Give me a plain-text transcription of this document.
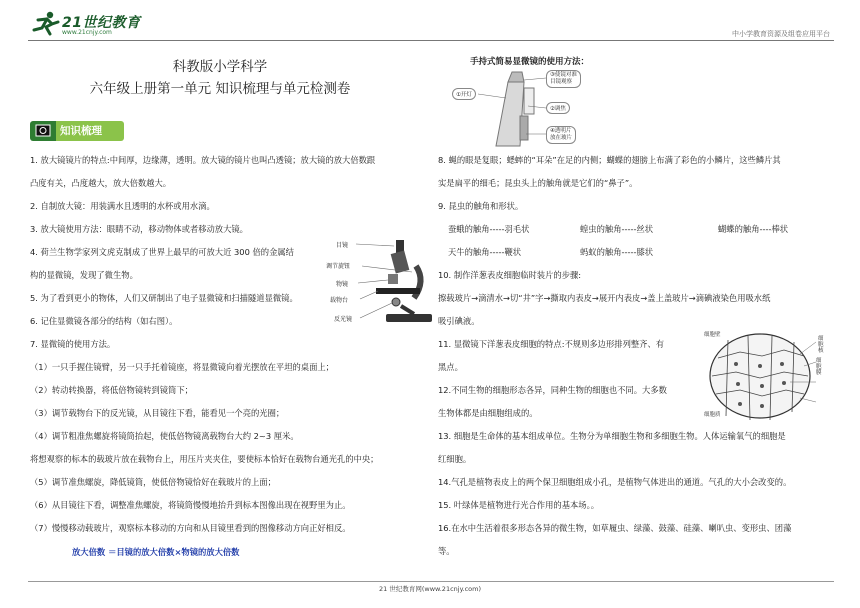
21世纪教育
www.21cnjy.com	中小学教育资源及组卷应用平台
科教版小学科学
六年级上册第一单元 知识梳理与单元检测卷
知识梳理
1. 放大镜镜片的特点:中间厚，边缘薄，透明。放大镜的镜片也叫凸透镜；放大镜的放大倍数跟
凸度有关，凸度越大，放大倍数越大。
2. 自制放大镜：用装满水且透明的水杯或用水滴。
3. 放大镜使用方法：眼睛不动，移动物体或者移动放大镜。
4. 荷兰生物学家列文虎克制成了世界上最早的可放大近 300 倍的金属结
构的显微镜，发现了微生物。
5. 为了看到更小的物体，人们又研制出了电子显微镜和扫描隧道显微镜。
6. 记住显微镜各部分的结构（如右图）。
7. 显微镜的使用方法。
（1）一只手握住镜臂，另一只手托着镜座，将显微镜向着光摆放在平坦的桌面上；
（2）转动转换器，将低倍物镜转到镜筒下；
（3）调节载物台下的反光镜，从目镜往下看，能看见一个亮的光圈；
（4）调节粗准焦螺旋将镜筒抬起，使低倍物镜离载物台大约 2~3 厘米。
将想观察的标本的载玻片放在载物台上，用压片夹夹住，要使标本恰好在载物台通光孔的中央；
（5）调节准焦螺旋，降低镜筒，使低倍物镜恰好在载玻片的上面；
（6）从目镜往下看，调整准焦螺旋，将镜筒慢慢地抬升到标本图像出现在视野里为止。
（7）慢慢移动载玻片，观察标本移动的方向和从目镜里看到的图像移动方向正好相反。
放大倍数 ＝目镜的放大倍数×物镜的放大倍数
目镜
调节旋钮
物镜
载物台
反光镜
手持式简易显微镜的使用方法：
①开灯
③使镜对准
目镜观察
②调焦
④透明片
放在玻片
8. 蝇的眼是复眼；蟋蟀的“耳朵”在足的内侧；蝴蝶的翅膀上布满了彩色的小鳞片，这些鳞片其
实是扁平的细毛；昆虫头上的触角就是它们的“鼻子”。
9. 昆虫的触角和形状。
蚕蛾的触角-----羽毛状	蝗虫的触角-----丝状	蝴蝶的触角----棒状
天牛的触角-----鞭状	蚂蚁的触角-----膝状
10. 制作洋葱表皮细胞临时装片的步骤:
擦载玻片→滴清水→切“井”字→撕取内表皮→展开内表皮→盖上盖玻片→滴碘液染色用吸水纸
吸引碘液。
11. 显微镜下洋葱表皮细胞的特点:不规则多边形排列整齐、有
黑点。
12.不同生物的细胞形态各异，同种生物的细胞也不同。大多数
生物体都是由细胞组成的。
13. 细胞是生命体的基本组成单位。生物分为单细胞生物和多细胞生物。人体运输氧气的细胞是
红细胞。
14.气孔是植物表皮上的两个保卫细胞组成小孔，是植物气体进出的通道。气孔的大小会改变的。
15. 叶绿体是植物进行光合作用的基本场。。
16.在水中生活着很多形态各异的微生物，如草履虫、绿藻、鼓藻、硅藻、喇叭虫、变形虫、团藻
等。
细胞壁
细胞膜
细胞核
细胞质
21 世纪教育网(www.21cnjy.com)
